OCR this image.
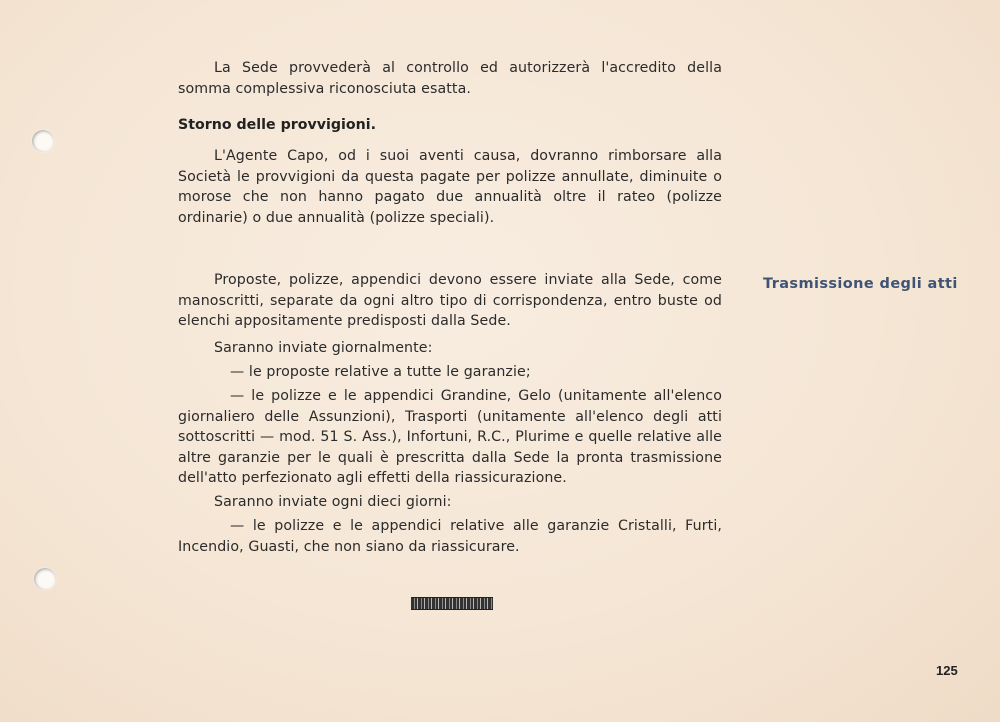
La Sede provvederà al controllo ed autorizzerà l'accredito della somma complessiva riconosciuta esatta.

Storno delle provvigioni.

L'Agente Capo, od i suoi aventi causa, dovranno rimborsare alla Società le provvigioni da questa pagate per polizze annullate, diminuite o morose che non hanno pagato due annualità oltre il rateo (polizze ordinarie) o due annualità (polizze speciali).

Trasmissione degli atti

Proposte, polizze, appendici devono essere inviate alla Sede, come manoscritti, separate da ogni altro tipo di corrispondenza, entro buste od elenchi appositamente predisposti dalla Sede.

Saranno inviate giornalmente:

— le proposte relative a tutte le garanzie;

— le polizze e le appendici Grandine, Gelo (unitamente all'elenco giornaliero delle Assunzioni), Trasporti (unitamente all'elenco degli atti sottoscritti — mod. 51 S. Ass.), Infortuni, R.C., Plurime e quelle relative alle altre garanzie per le quali è prescritta dalla Sede la pronta trasmissione dell'atto perfezionato agli effetti della riassicurazione.

Saranno inviate ogni dieci giorni:

— le polizze e le appendici relative alle garanzie Cristalli, Furti, Incendio, Guasti, che non siano da riassicurare.

125
